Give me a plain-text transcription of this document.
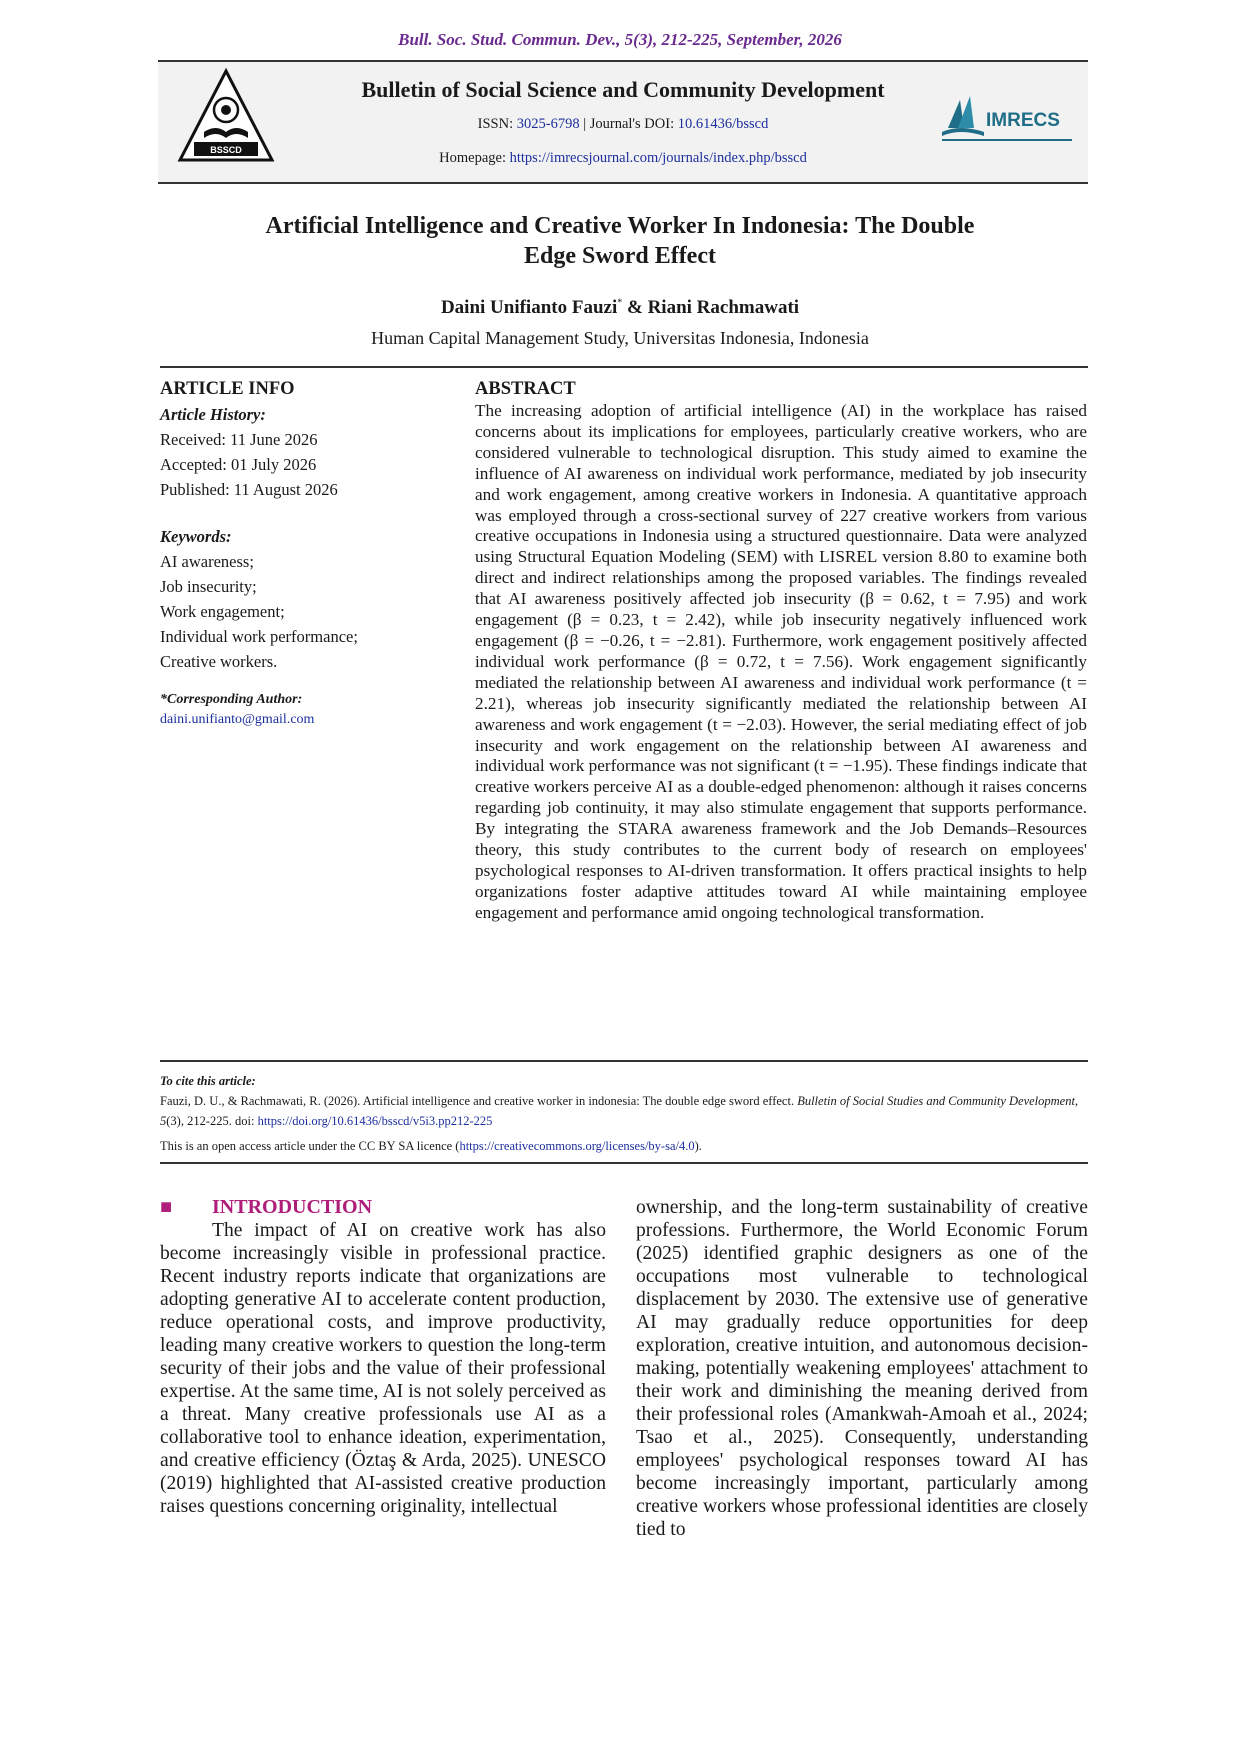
Bull. Soc. Stud. Commun. Dev., 5(3), 212-225, September, 2026
BSSCD
Bulletin of Social Science and Community Development
ISSN: 3025-6798 | Journal's DOI: 10.61436/bsscd
Homepage: https://imrecsjournal.com/journals/index.php/bsscd
IMRECS
Artificial Intelligence and Creative Worker In Indonesia: The Double
Edge Sword Effect
Daini Unifianto Fauzi* & Riani Rachmawati
Human Capital Management Study, Universitas Indonesia, Indonesia
ARTICLE INFO
Article History:
Received: 11 June 2026
Accepted: 01 July 2026
Published: 11 August 2026
Keywords:
AI awareness;
Job insecurity;
Work engagement;
Individual work performance;
Creative workers.
*Corresponding Author:
daini.unifianto@gmail.com
ABSTRACT
The increasing adoption of artificial intelligence (AI) in the workplace has raised concerns about its implications for employees, particularly creative workers, who are considered vulnerable to technological disruption. This study aimed to examine the influence of AI awareness on individual work performance, mediated by job insecurity and work engagement, among creative workers in Indonesia. A quantitative approach was employed through a cross-sectional survey of 227 creative workers from various creative occupations in Indonesia using a structured questionnaire. Data were analyzed using Structural Equation Modeling (SEM) with LISREL version 8.80 to examine both direct and indirect relationships among the proposed variables. The findings revealed that AI awareness positively affected job insecurity (β = 0.62, t = 7.95) and work engagement (β = 0.23, t = 2.42), while job insecurity negatively influenced work engagement (β = −0.26, t = −2.81). Furthermore, work engagement positively affected individual work performance (β = 0.72, t = 7.56). Work engagement significantly mediated the relationship between AI awareness and individual work performance (t = 2.21), whereas job insecurity significantly mediated the relationship between AI awareness and work engagement (t = −2.03). However, the serial mediating effect of job insecurity and work engagement on the relationship between AI awareness and individual work performance was not significant (t = −1.95). These findings indicate that creative workers perceive AI as a double-edged phenomenon: although it raises concerns regarding job continuity, it may also stimulate engagement that supports performance. By integrating the STARA awareness framework and the Job Demands–Resources theory, this study contributes to the current body of research on employees' psychological responses to AI-driven transformation. It offers practical insights to help organizations foster adaptive attitudes toward AI while maintaining employee engagement and performance amid ongoing technological transformation.
To cite this article:
Fauzi, D. U., & Rachmawati, R. (2026). Artificial intelligence and creative worker in indonesia: The double edge sword effect. Bulletin of Social Studies and Community Development, 5(3), 212-225. doi: https://doi.org/10.61436/bsscd/v5i3.pp212-225
This is an open access article under the CC BY SA licence (https://creativecommons.org/licenses/by-sa/4.0).
■ INTRODUCTION
The impact of AI on creative work has also become increasingly visible in professional practice. Recent industry reports indicate that organizations are adopting generative AI to accelerate content production, reduce operational costs, and improve productivity, leading many creative workers to question the long-term security of their jobs and the value of their professional expertise. At the same time, AI is not solely perceived as a threat. Many creative professionals use AI as a collaborative tool to enhance ideation, experimentation, and creative efficiency (Öztaş & Arda, 2025). UNESCO (2019) highlighted that AI-assisted creative production raises questions concerning originality, intellectual
ownership, and the long-term sustainability of creative professions. Furthermore, the World Economic Forum (2025) identified graphic designers as one of the occupations most vulnerable to technological displacement by 2030. The extensive use of generative AI may gradually reduce opportunities for deep exploration, creative intuition, and autonomous decision-making, potentially weakening employees' attachment to their work and diminishing the meaning derived from their professional roles (Amankwah-Amoah et al., 2024; Tsao et al., 2025). Consequently, understanding employees' psychological responses toward AI has become increasingly important, particularly among creative workers whose professional identities are closely tied to
